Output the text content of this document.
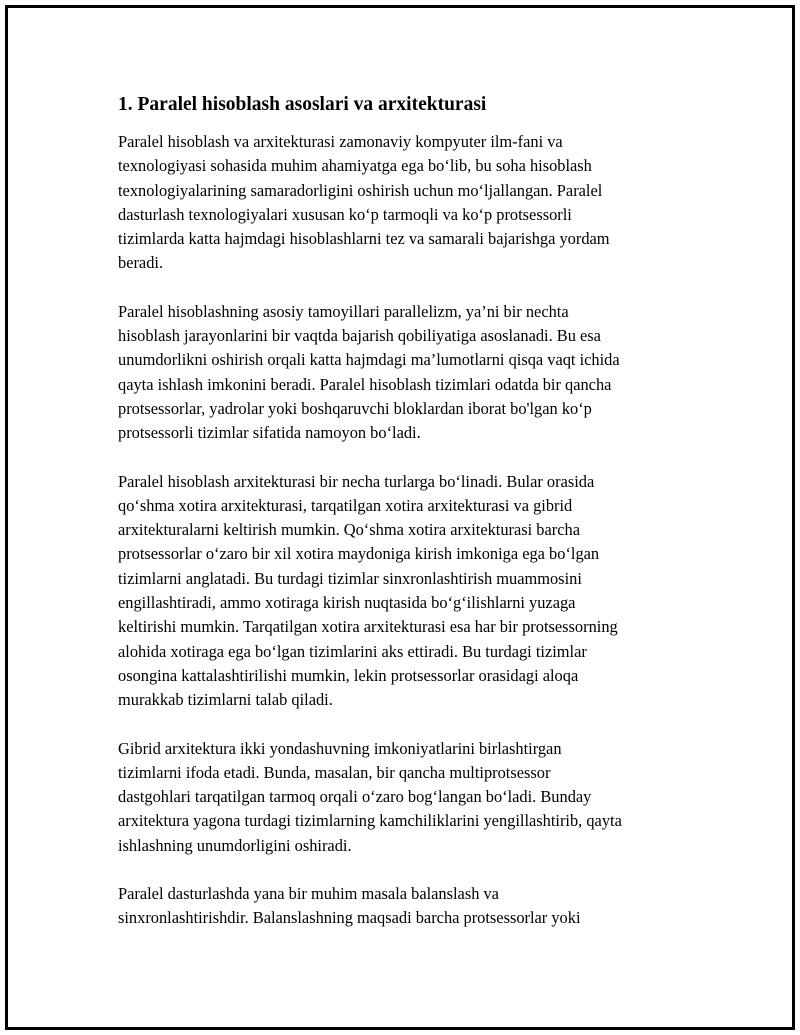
1. Paralel hisoblash asoslari va arxitekturasi
Paralel hisoblash va arxitekturasi zamonaviy kompyuter ilm-fani va
texnologiyasi sohasida muhim ahamiyatga ega bo‘lib, bu soha hisoblash
texnologiyalarining samaradorligini oshirish uchun mo‘ljallangan. Paralel
dasturlash texnologiyalari xususan ko‘p tarmoqli va ko‘p protsessorli
tizimlarda katta hajmdagi hisoblashlarni tez va samarali bajarishga yordam
beradi.
Paralel hisoblashning asosiy tamoyillari parallelizm, ya’ni bir nechta
hisoblash jarayonlarini bir vaqtda bajarish qobiliyatiga asoslanadi. Bu esa
unumdorlikni oshirish orqali katta hajmdagi ma’lumotlarni qisqa vaqt ichida
qayta ishlash imkonini beradi. Paralel hisoblash tizimlari odatda bir qancha
protsessorlar, yadrolar yoki boshqaruvchi bloklardan iborat bo'lgan ko‘p
protsessorli tizimlar sifatida namoyon bo‘ladi.
Paralel hisoblash arxitekturasi bir necha turlarga bo‘linadi. Bular orasida
qo‘shma xotira arxitekturasi, tarqatilgan xotira arxitekturasi va gibrid
arxitekturalarni keltirish mumkin. Qo‘shma xotira arxitekturasi barcha
protsessorlar o‘zaro bir xil xotira maydoniga kirish imkoniga ega bo‘lgan
tizimlarni anglatadi. Bu turdagi tizimlar sinxronlashtirish muammosini
engillashtiradi, ammo xotiraga kirish nuqtasida bo‘g‘ilishlarni yuzaga
keltirishi mumkin. Tarqatilgan xotira arxitekturasi esa har bir protsessorning
alohida xotiraga ega bo‘lgan tizimlarini aks ettiradi. Bu turdagi tizimlar
osongina kattalashtirilishi mumkin, lekin protsessorlar orasidagi aloqa
murakkab tizimlarni talab qiladi.
Gibrid arxitektura ikki yondashuvning imkoniyatlarini birlashtirgan
tizimlarni ifoda etadi. Bunda, masalan, bir qancha multiprotsessor
dastgohlari tarqatilgan tarmoq orqali o‘zaro bog‘langan bo‘ladi. Bunday
arxitektura yagona turdagi tizimlarning kamchiliklarini yengillashtirib, qayta
ishlashning unumdorligini oshiradi.
Paralel dasturlashda yana bir muhim masala balanslash va
sinxronlashtirishdir. Balanslashning maqsadi barcha protsessorlar yoki
